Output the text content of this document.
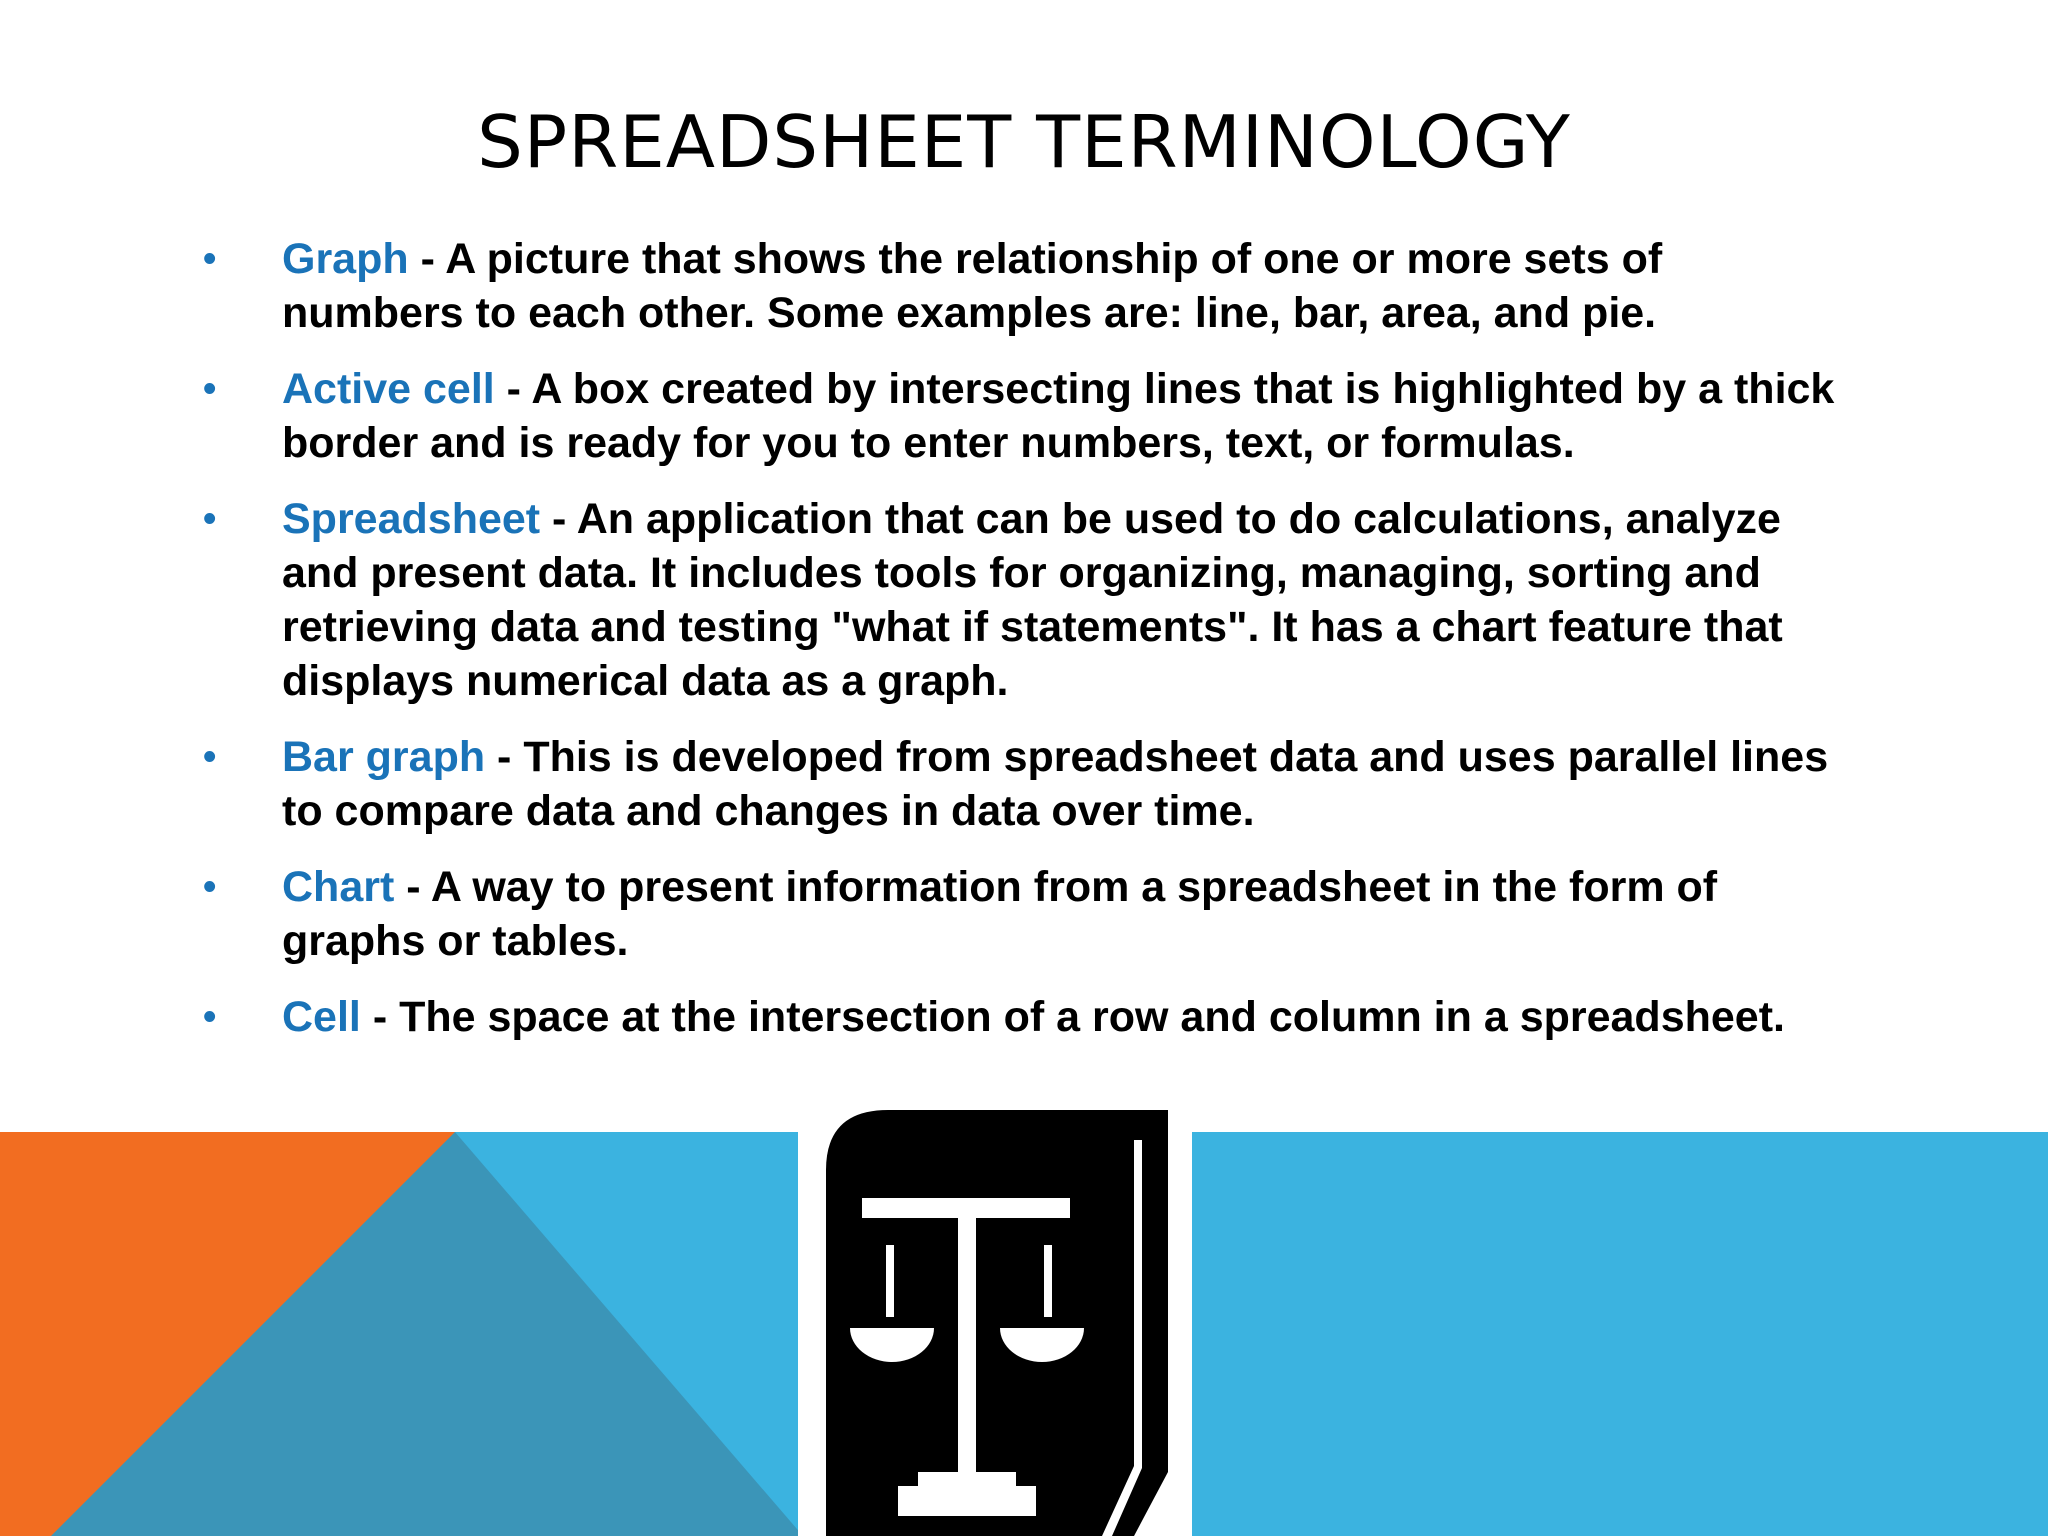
SPREADSHEET TERMINOLOGY
• Graph - A picture that shows the relationship of one or more sets of numbers to each other. Some examples are: line, bar, area, and pie.
• Active cell - A box created by intersecting lines that is highlighted by a thick border and is ready for you to enter numbers, text, or formulas.
• Spreadsheet - An application that can be used to do calculations, analyze and present data. It includes tools for organizing, managing, sorting and retrieving data and testing "what if statements". It has a chart feature that displays numerical data as a graph.
• Bar graph - This is developed from spreadsheet data and uses parallel lines to compare data and changes in data over time.
• Chart - A way to present information from a spreadsheet in the form of graphs or tables.
• Cell - The space at the intersection of a row and column in a spreadsheet.
